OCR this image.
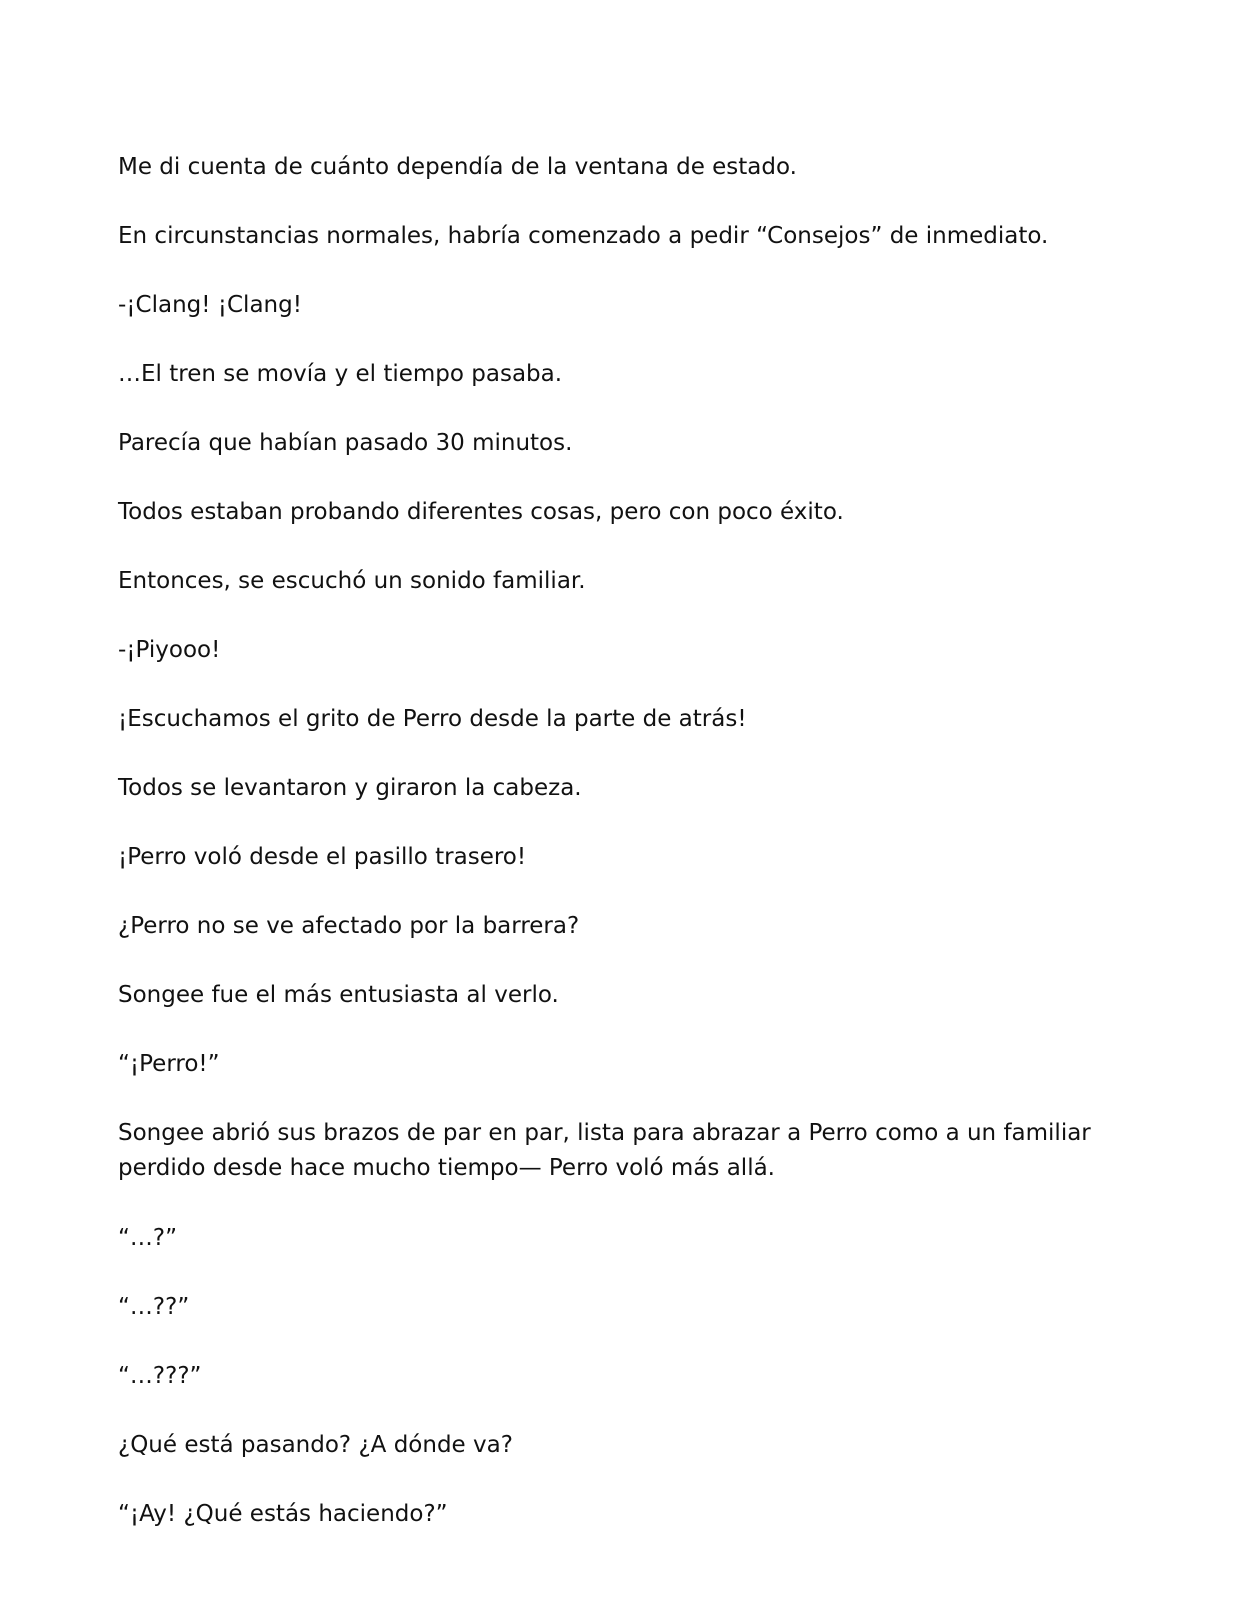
Me di cuenta de cuánto dependía de la ventana de estado.

En circunstancias normales, habría comenzado a pedir “Consejos” de inmediato.

-¡Clang! ¡Clang!

…El tren se movía y el tiempo pasaba.

Parecía que habían pasado 30 minutos.

Todos estaban probando diferentes cosas, pero con poco éxito.

Entonces, se escuchó un sonido familiar.

-¡Piyooo!

¡Escuchamos el grito de Perro desde la parte de atrás!

Todos se levantaron y giraron la cabeza.

¡Perro voló desde el pasillo trasero!

¿Perro no se ve afectado por la barrera?

Songee fue el más entusiasta al verlo.

“¡Perro!”

Songee abrió sus brazos de par en par, lista para abrazar a Perro como a un familiar perdido desde hace mucho tiempo— Perro voló más allá.

“…?”

“…??”

“…???”

¿Qué está pasando? ¿A dónde va?

“¡Ay! ¿Qué estás haciendo?”
